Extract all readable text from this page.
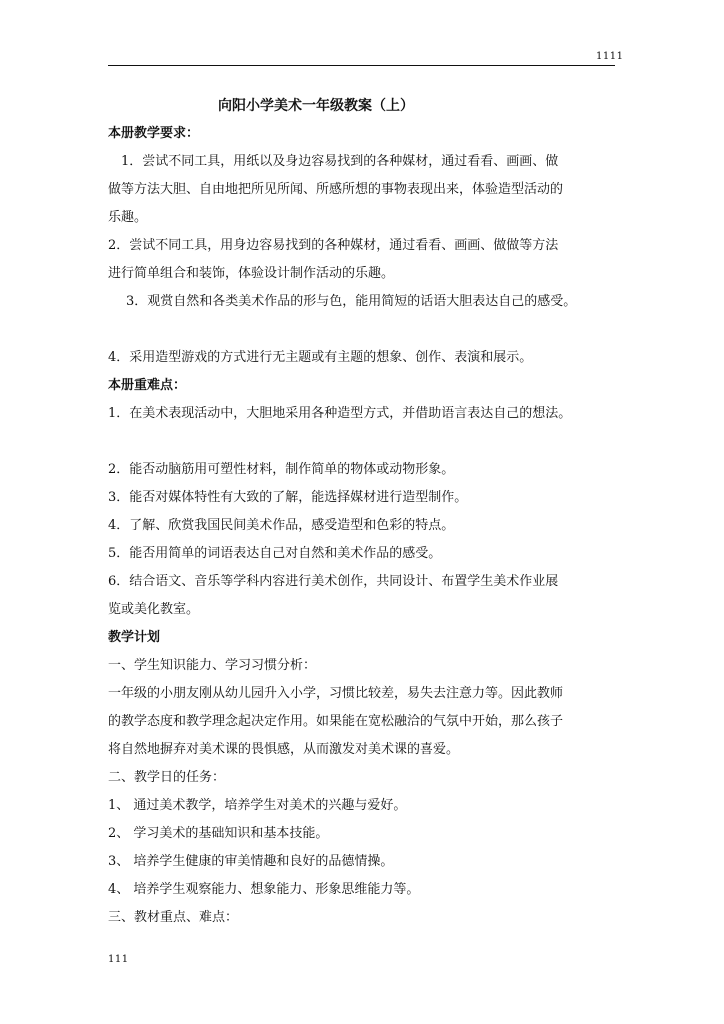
1111
向阳小学美术一年级教案（上）
本册教学要求：
1．尝试不同工具，用纸以及身边容易找到的各种媒材，通过看看、画画、做
做等方法大胆、自由地把所见所闻、所感所想的事物表现出来，体验造型活动的
乐趣。
2．尝试不同工具，用身边容易找到的各种媒材，通过看看、画画、做做等方法
进行简单组合和装饰，体验设计制作活动的乐趣。
3．观赏自然和各类美术作品的形与色，能用简短的话语大胆表达自己的感受。
4．采用造型游戏的方式进行无主题或有主题的想象、创作、表演和展示。
本册重难点：
1．在美术表现活动中，大胆地采用各种造型方式，并借助语言表达自己的想法。
2．能否动脑筋用可塑性材料，制作简单的物体或动物形象。
3．能否对媒体特性有大致的了解，能选择媒材进行造型制作。
4．了解、欣赏我国民间美术作品，感受造型和色彩的特点。
5．能否用简单的词语表达自己对自然和美术作品的感受。
6．结合语文、音乐等学科内容进行美术创作，共同设计、布置学生美术作业展
览或美化教室。
教学计划
一、学生知识能力、学习习惯分析：
一年级的小朋友刚从幼儿园升入小学，习惯比较差，易失去注意力等。因此教师
的教学态度和教学理念起决定作用。如果能在宽松融洽的气氛中开始，那么孩子
将自然地摒弃对美术课的畏惧感，从而激发对美术课的喜爱。
二、教学日的任务：
1、 通过美术教学，培养学生对美术的兴趣与爱好。
2、 学习美术的基础知识和基本技能。
3、 培养学生健康的审美情趣和良好的品德情操。
4、 培养学生观察能力、想象能力、形象思维能力等。
三、教材重点、难点：
111
